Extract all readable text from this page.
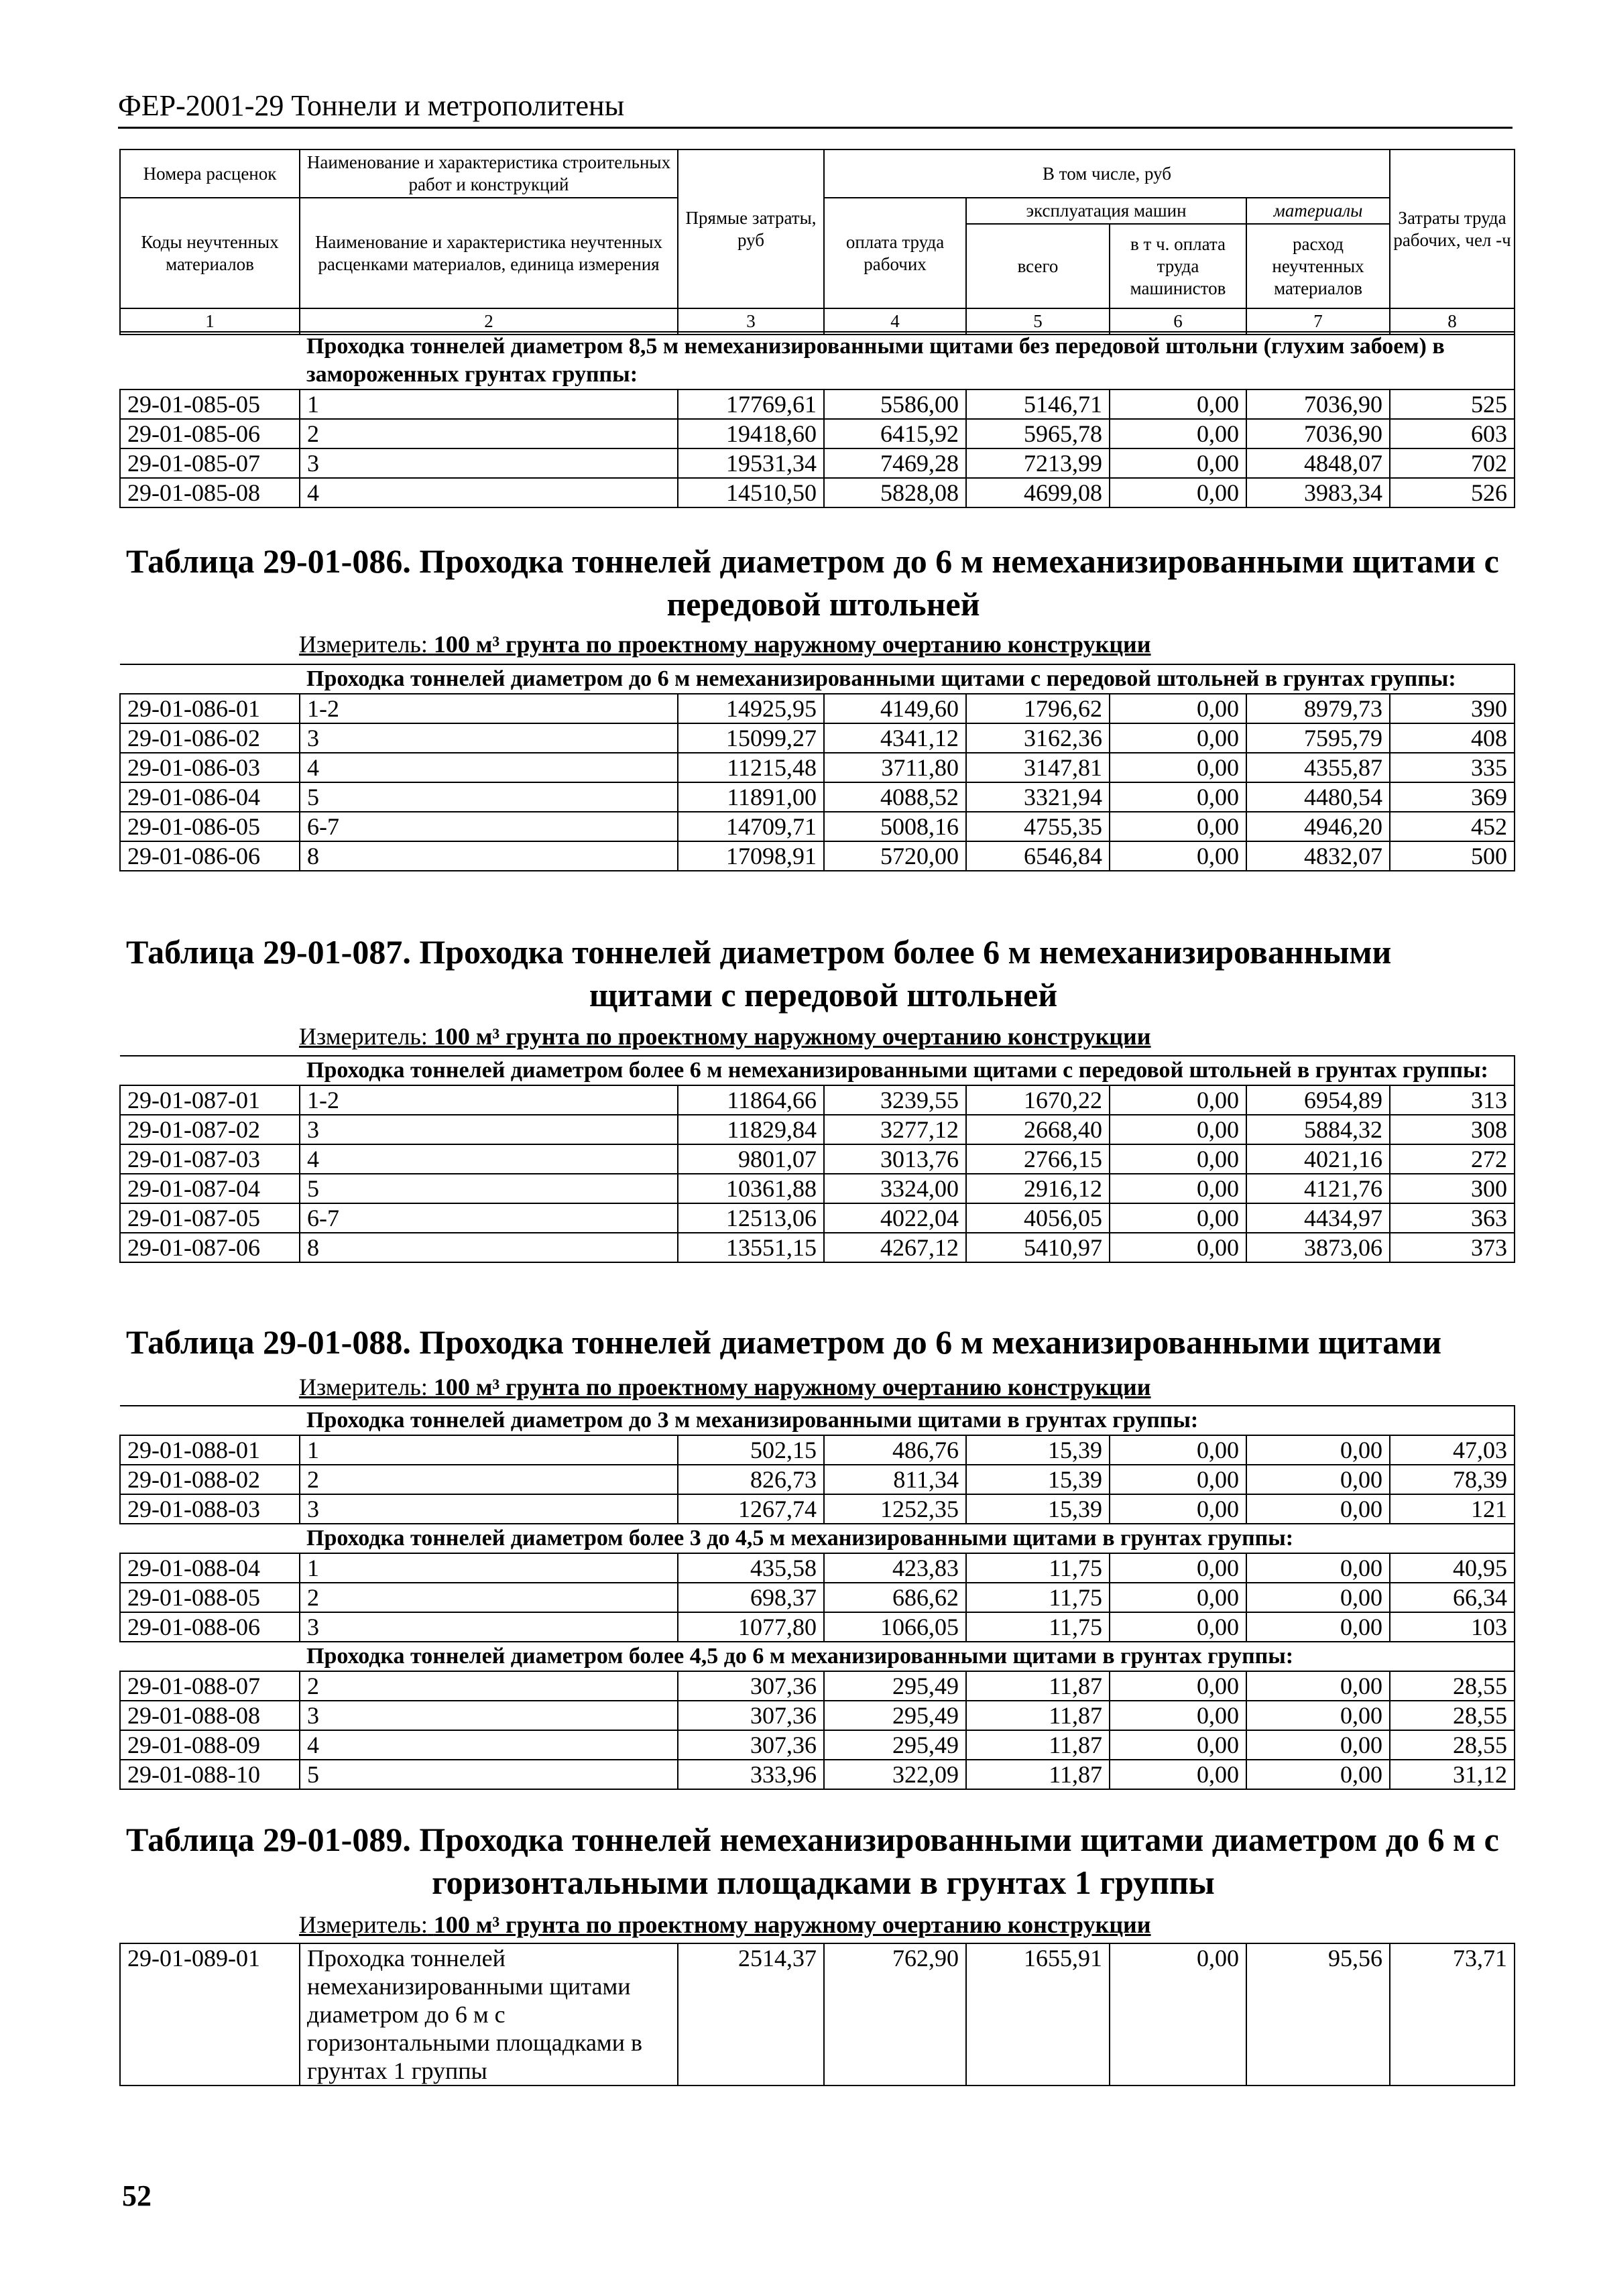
ФЕР-2001-29 Тоннели и метрополитены
Номера расценок	Наименование и характеристика строительных работ и конструкций	Прямые затраты, руб	В том числе, руб				Затраты труда рабочих, чел -ч
Коды неучтенных материалов	Наименование и характеристика неучтенных расценками материалов, единица измерения		оплата труда рабочих	эксплуатация машин		материалы	
				всего	в т ч. оплата труда машинистов	расход неучтенных материалов	
1	2	3	4	5	6	7	8
	Проходка тоннелей диаметром 8,5 м немеханизированными щитами без передовой штольни (глухим забоем) в замороженных грунтах группы:						
29-01-085-05	1	17769,61	5586,00	5146,71	0,00	7036,90	525
29-01-085-06	2	19418,60	6415,92	5965,78	0,00	7036,90	603
29-01-085-07	3	19531,34	7469,28	7213,99	0,00	4848,07	702
29-01-085-08	4	14510,50	5828,08	4699,08	0,00	3983,34	526
Таблица 29-01-086. Проходка тоннелей диаметром до 6 м немеханизированными щитами с
передовой штольней
Измеритель: 100 м³ грунта по проектному наружному очертанию конструкции
	Проходка тоннелей диаметром до 6 м немеханизированными щитами с передовой штольней в грунтах группы:						
29-01-086-01	1-2	14925,95	4149,60	1796,62	0,00	8979,73	390
29-01-086-02	3	15099,27	4341,12	3162,36	0,00	7595,79	408
29-01-086-03	4	11215,48	3711,80	3147,81	0,00	4355,87	335
29-01-086-04	5	11891,00	4088,52	3321,94	0,00	4480,54	369
29-01-086-05	6-7	14709,71	5008,16	4755,35	0,00	4946,20	452
29-01-086-06	8	17098,91	5720,00	6546,84	0,00	4832,07	500
Таблица 29-01-087. Проходка тоннелей диаметром более 6 м немеханизированными
щитами с передовой штольней
Измеритель: 100 м³ грунта по проектному наружному очертанию конструкции
	Проходка тоннелей диаметром более 6 м немеханизированными щитами с передовой штольней в грунтах группы:						
29-01-087-01	1-2	11864,66	3239,55	1670,22	0,00	6954,89	313
29-01-087-02	3	11829,84	3277,12	2668,40	0,00	5884,32	308
29-01-087-03	4	9801,07	3013,76	2766,15	0,00	4021,16	272
29-01-087-04	5	10361,88	3324,00	2916,12	0,00	4121,76	300
29-01-087-05	6-7	12513,06	4022,04	4056,05	0,00	4434,97	363
29-01-087-06	8	13551,15	4267,12	5410,97	0,00	3873,06	373
Таблица 29-01-088. Проходка тоннелей диаметром до 6 м механизированными щитами
Измеритель: 100 м³ грунта по проектному наружному очертанию конструкции
	Проходка тоннелей диаметром до 3 м механизированными щитами в грунтах группы:						
29-01-088-01	1	502,15	486,76	15,39	0,00	0,00	47,03
29-01-088-02	2	826,73	811,34	15,39	0,00	0,00	78,39
29-01-088-03	3	1267,74	1252,35	15,39	0,00	0,00	121
	Проходка тоннелей диаметром более 3 до 4,5 м механизированными щитами в грунтах группы:						
29-01-088-04	1	435,58	423,83	11,75	0,00	0,00	40,95
29-01-088-05	2	698,37	686,62	11,75	0,00	0,00	66,34
29-01-088-06	3	1077,80	1066,05	11,75	0,00	0,00	103
	Проходка тоннелей диаметром более 4,5 до 6 м механизированными щитами в грунтах группы:						
29-01-088-07	2	307,36	295,49	11,87	0,00	0,00	28,55
29-01-088-08	3	307,36	295,49	11,87	0,00	0,00	28,55
29-01-088-09	4	307,36	295,49	11,87	0,00	0,00	28,55
29-01-088-10	5	333,96	322,09	11,87	0,00	0,00	31,12
Таблица 29-01-089. Проходка тоннелей немеханизированными щитами диаметром до 6 м с
горизонтальными площадками в грунтах 1 группы
Измеритель: 100 м³ грунта по проектному наружному очертанию конструкции
29-01-089-01	Проходка тоннелей немеханизированными щитами диаметром до 6 м с горизонтальными площадками в грунтах 1 группы	2514,37	762,90	1655,91	0,00	95,56	73,71
52
